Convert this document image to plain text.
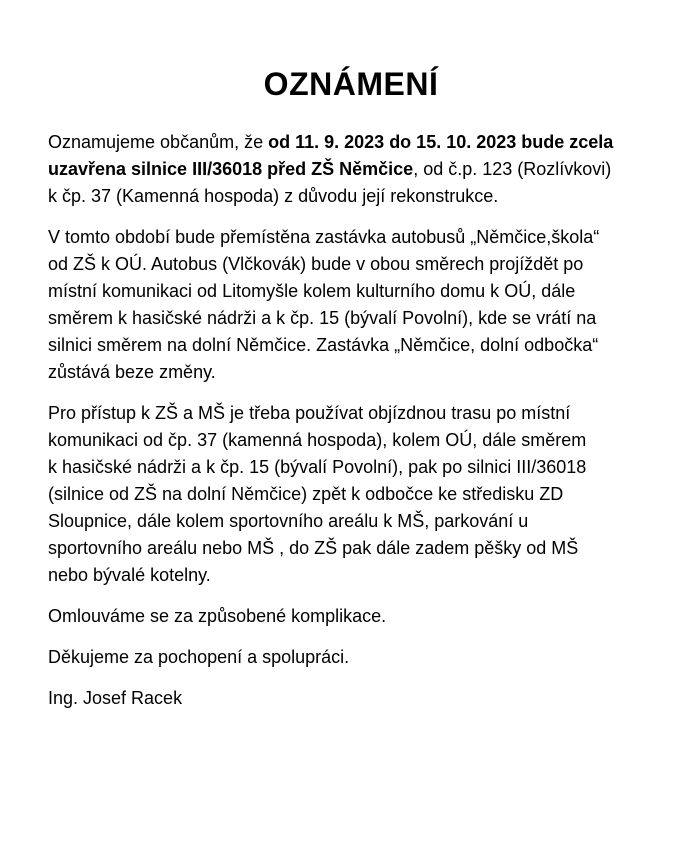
OZNÁMENÍ
Oznamujeme občanům, že od 11. 9. 2023 do 15. 10. 2023 bude zcela
uzavřena silnice III/36018 před ZŠ Němčice, od č.p. 123 (Rozlívkovi)
k čp. 37 (Kamenná hospoda) z důvodu její rekonstrukce.
V tomto období bude přemístěna zastávka autobusů „Němčice,škola“
od ZŠ k OÚ. Autobus (Vlčkovák) bude v obou směrech projíždět po
místní komunikaci od Litomyšle kolem kulturního domu k OÚ, dále
směrem k hasičské nádrži a k čp. 15 (bývalí Povolní), kde se vrátí na
silnici směrem na dolní Němčice. Zastávka „Němčice, dolní odbočka“
zůstává beze změny.
Pro přístup k ZŠ a MŠ je třeba používat objízdnou trasu po místní
komunikaci od čp. 37 (kamenná hospoda), kolem OÚ, dále směrem
k hasičské nádrži a k čp. 15 (bývalí Povolní), pak po silnici III/36018
(silnice od ZŠ na dolní Němčice) zpět k odbočce ke středisku ZD
Sloupnice, dále kolem sportovního areálu k MŠ, parkování u
sportovního areálu nebo MŠ , do ZŠ pak dále zadem pěšky od MŠ
nebo bývalé kotelny.
Omlouváme se za způsobené komplikace.
Děkujeme za pochopení a spolupráci.
Ing. Josef Racek
